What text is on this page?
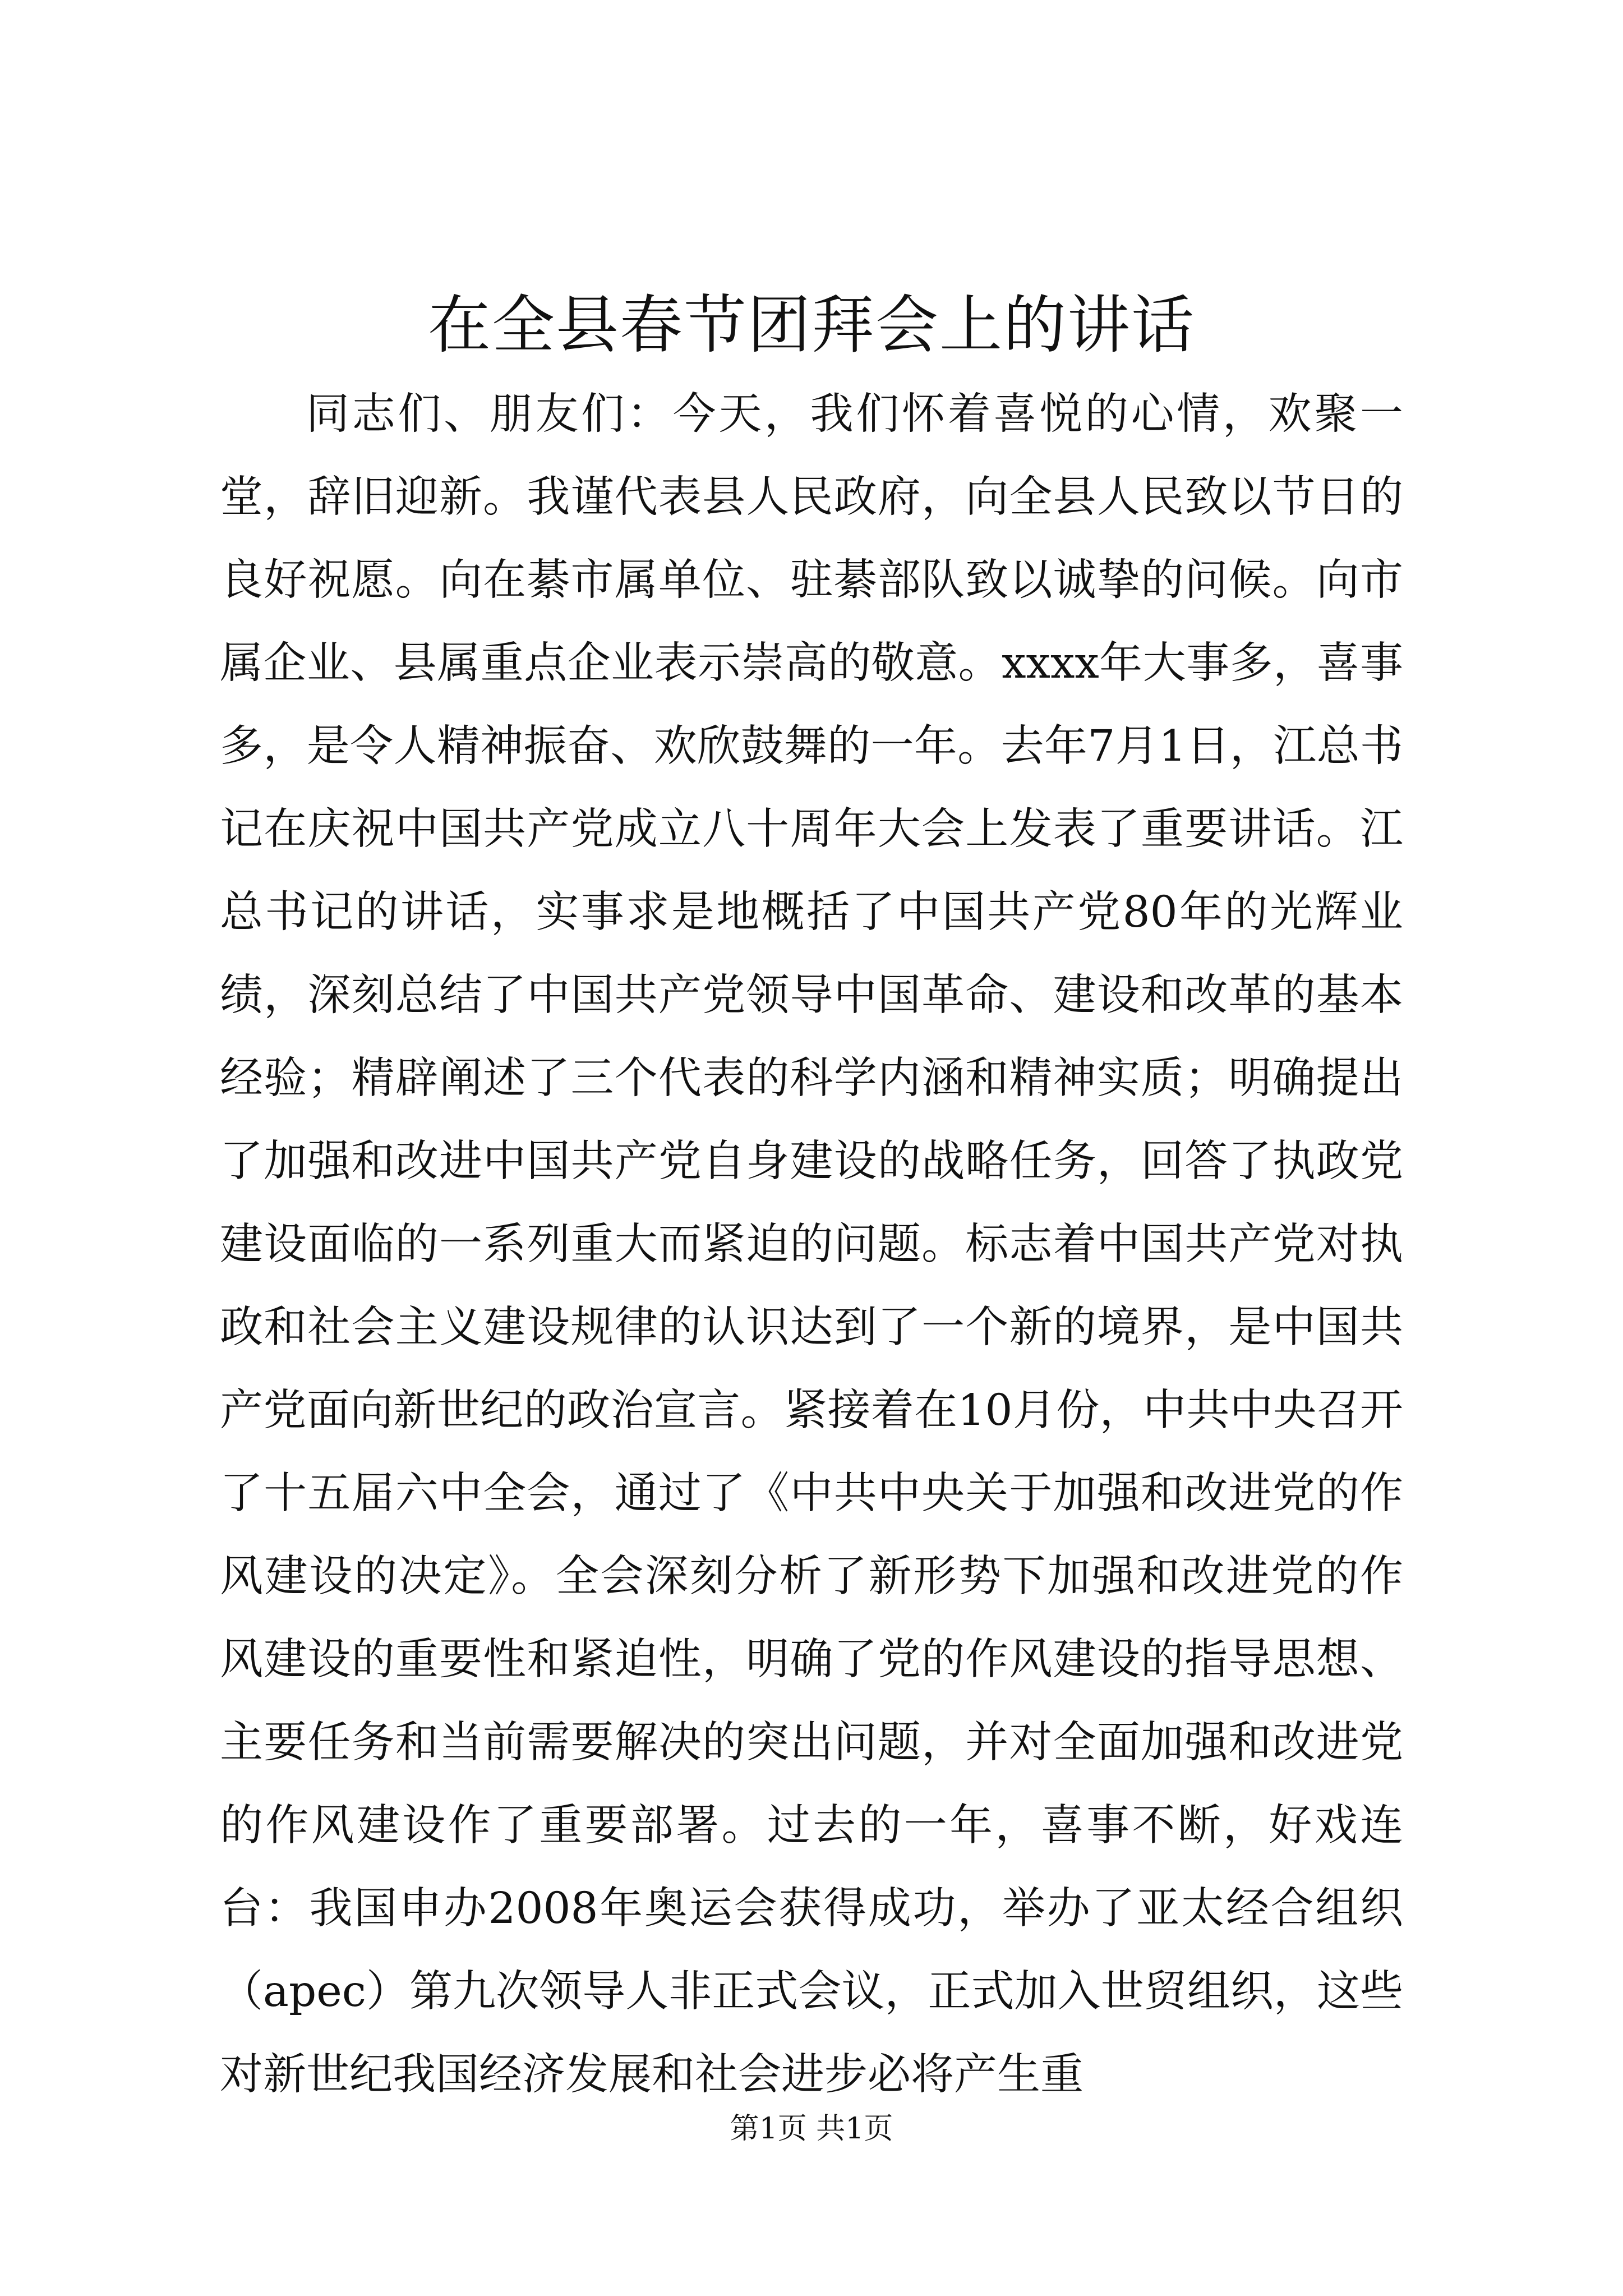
在全县春节团拜会上的讲话

同志们、朋友们：今天，我们怀着喜悦的心情，欢聚一堂，辞旧迎新。我谨代表县人民政府，向全县人民致以节日的良好祝愿。向在綦市属单位、驻綦部队致以诚挚的问候。向市属企业、县属重点企业表示崇高的敬意。xxxx年大事多，喜事多，是令人精神振奋、欢欣鼓舞的一年。去年7月1日，江总书记在庆祝中国共产党成立八十周年大会上发表了重要讲话。江总书记的讲话，实事求是地概括了中国共产党80年的光辉业绩，深刻总结了中国共产党领导中国革命、建设和改革的基本经验；精辟阐述了三个代表的科学内涵和精神实质；明确提出了加强和改进中国共产党自身建设的战略任务，回答了执政党建设面临的一系列重大而紧迫的问题。标志着中国共产党对执政和社会主义建设规律的认识达到了一个新的境界，是中国共产党面向新世纪的政治宣言。紧接着在10月份，中共中央召开了十五届六中全会，通过了《中共中央关于加强和改进党的作风建设的决定》。全会深刻分析了新形势下加强和改进党的作风建设的重要性和紧迫性，明确了党的作风建设的指导思想、主要任务和当前需要解决的突出问题，并对全面加强和改进党的作风建设作了重要部署。过去的一年，喜事不断，好戏连台：我国申办2008年奥运会获得成功，举办了亚太经合组织（apec）第九次领导人非正式会议，正式加入世贸组织，这些对新世纪我国经济发展和社会进步必将产生重

第1页 共1页
